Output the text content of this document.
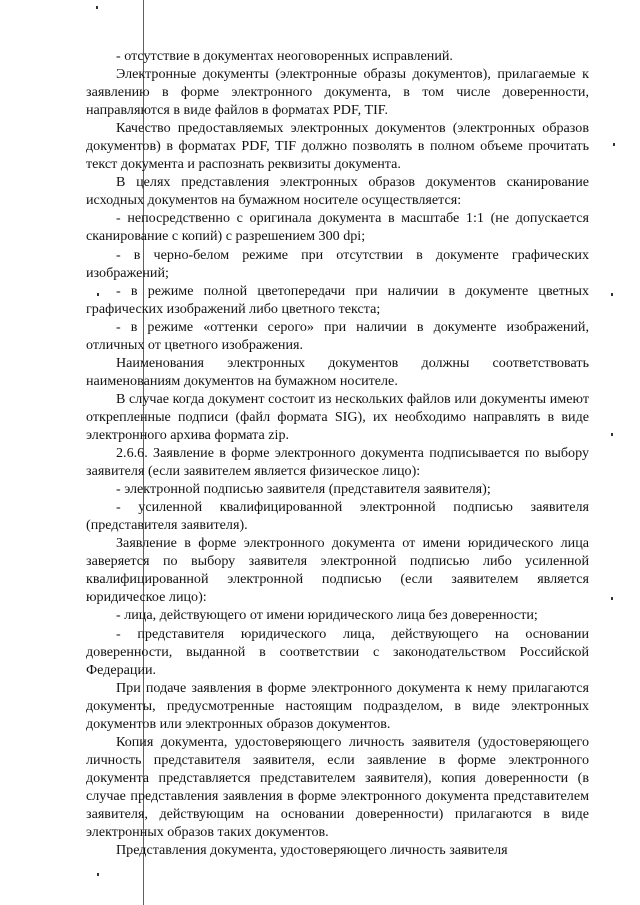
- отсутствие в документах неоговоренных исправлений.

Электронные документы (электронные образы документов), прилагаемые к заявлению в форме электронного документа, в том числе доверенности, направляются в виде файлов в форматах PDF, TIF.

Качество предоставляемых электронных документов (электронных образов документов) в форматах PDF, TIF должно позволять в полном объеме прочитать текст документа и распознать реквизиты документа.

В целях представления электронных образов документов сканирование исходных документов на бумажном носителе осуществляется:

- непосредственно с оригинала документа в масштабе 1:1 (не допускается сканирование с копий) с разрешением 300 dpi;

- в черно-белом режиме при отсутствии в документе графических изображений;

- в режиме полной цветопередачи при наличии в документе цветных графических изображений либо цветного текста;

- в режиме «оттенки серого» при наличии в документе изображений, отличных от цветного изображения.

Наименования электронных документов должны соответствовать наименованиям документов на бумажном носителе.

В случае когда документ состоит из нескольких файлов или документы имеют открепленные подписи (файл формата SIG), их необходимо направлять в виде электронного архива формата zip.

2.6.6. Заявление в форме электронного документа подписывается по выбору заявителя (если заявителем является физическое лицо):

- электронной подписью заявителя (представителя заявителя);

- усиленной квалифицированной электронной подписью заявителя (представителя заявителя).

Заявление в форме электронного документа от имени юридического лица заверяется по выбору заявителя электронной подписью либо усиленной квалифицированной электронной подписью (если заявителем является юридическое лицо):

- лица, действующего от имени юридического лица без доверенности;

- представителя юридического лица, действующего на основании доверенности, выданной в соответствии с законодательством Российской Федерации.

При подаче заявления в форме электронного документа к нему прилагаются документы, предусмотренные настоящим подразделом, в виде электронных документов или электронных образов документов.

Копия документа, удостоверяющего личность заявителя (удостоверяющего личность представителя заявителя, если заявление в форме электронного документа представляется представителем заявителя), копия доверенности (в случае представления заявления в форме электронного документа представителем заявителя, действующим на основании доверенности) прилагаются в виде электронных образов таких документов.

Представления документа, удостоверяющего личность заявителя
